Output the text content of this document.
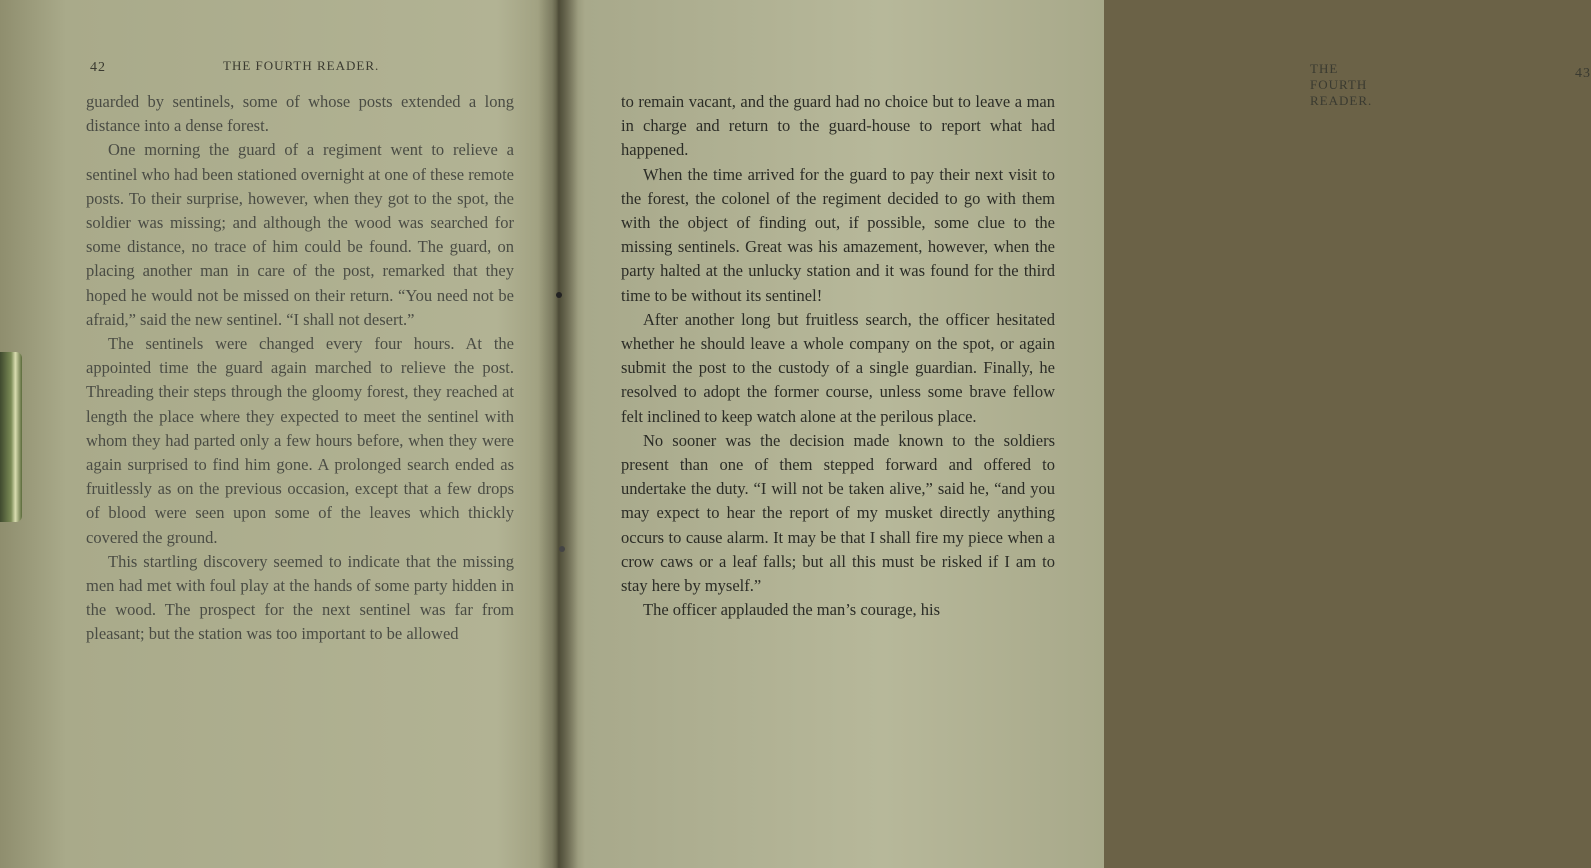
42	THE FOURTH READER.	THE FOURTH READER.
43

guarded by sentinels, some of whose posts extended a long distance into a dense forest.

One morning the guard of a regiment went to relieve a sentinel who had been stationed overnight at one of these remote posts. To their surprise, however, when they got to the spot, the soldier was missing; and although the wood was searched for some distance, no trace of him could be found. The guard, on placing another man in care of the post, remarked that they hoped he would not be missed on their return. “You need not be afraid,” said the new sentinel. “I shall not desert.”

The sentinels were changed every four hours. At the appointed time the guard again marched to relieve the post. Threading their steps through the gloomy forest, they reached at length the place where they expected to meet the sentinel with whom they had parted only a few hours before, when they were again surprised to find him gone. A prolonged search ended as fruitlessly as on the previous occasion, except that a few drops of blood were seen upon some of the leaves which thickly covered the ground.

This startling discovery seemed to indicate that the missing men had met with foul play at the hands of some party hidden in the wood. The prospect for the next sentinel was far from pleasant; but the station was too important to be allowed

to remain vacant, and the guard had no choice but to leave a man in charge and return to the guard-house to report what had happened.

When the time arrived for the guard to pay their next visit to the forest, the colonel of the regiment decided to go with them with the object of finding out, if possible, some clue to the missing sentinels. Great was his amazement, however, when the party halted at the unlucky station and it was found for the third time to be without its sentinel!

After another long but fruitless search, the officer hesitated whether he should leave a whole company on the spot, or again submit the post to the custody of a single guardian. Finally, he resolved to adopt the former course, unless some brave fellow felt inclined to keep watch alone at the perilous place.

No sooner was the decision made known to the soldiers present than one of them stepped forward and offered to undertake the duty. “I will not be taken alive,” said he, “and you may expect to hear the report of my musket directly anything occurs to cause alarm. It may be that I shall fire my piece when a crow caws or a leaf falls; but all this must be risked if I am to stay here by myself.”

The officer applauded the man’s courage, his
